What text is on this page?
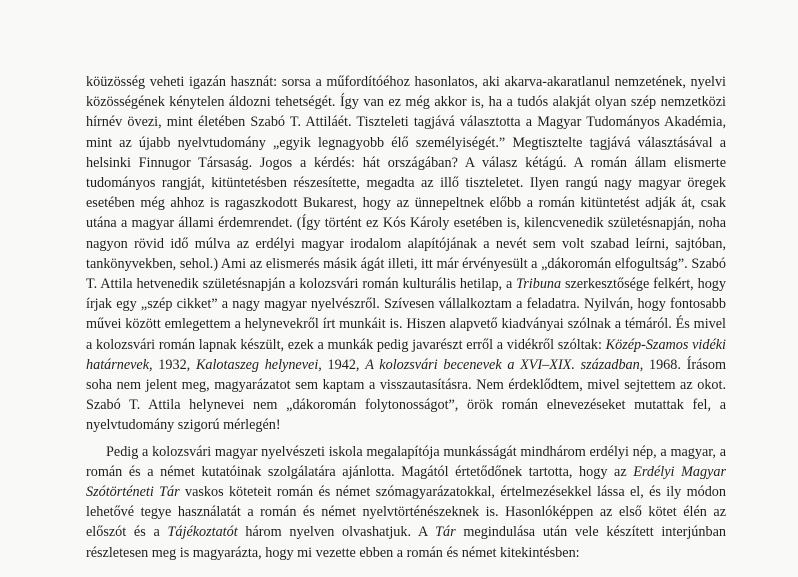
köüzösség veheti igazán hasznát: sorsa a műfordítóéhoz hasonlatos, aki akarva-akaratlanul nemzetének, nyelvi közösségének kénytelen áldozni tehetségét. Így van ez még akkor is, ha a tudós alakját olyan szép nemzetközi hírnév övezi, mint életében Szabó T. Attiláét. Tiszteleti tagjává választotta a Magyar Tudományos Akadémia, mint az újabb nyelvtudomány „egyik legnagyobb élő személyiségét.” Megtisztelte tagjává választásával a helsinki Finnugor Társaság. Jogos a kérdés: hát országában? A válasz kétágú. A román állam elismerte tudományos rangját, kitüntetésben részesítette, megadta az illő tiszteletet. Ilyen rangú nagy magyar öregek esetében még ahhoz is ragaszkodott Bukarest, hogy az ünnepeltnek előbb a román kitüntetést adják át, csak utána a magyar állami érdemrendet. (Így történt ez Kós Károly esetében is, kilencvenedik születésnapján, noha nagyon rövid idő múlva az erdélyi magyar irodalom alapítójának a nevét sem volt szabad leírni, sajtóban, tankönyvekben, sehol.) Ami az elismerés másik ágát illeti, itt már érvényesült a „dákoromán elfogultság”. Szabó T. Attila hetvenedik születésnapján a kolozsvári román kulturális hetilap, a Tribuna szerkesztősége felkért, hogy írjak egy „szép cikket” a nagy magyar nyelvészről. Szívesen vállalkoztam a feladatra. Nyilván, hogy fontosabb művei között emlegettem a helynevekről írt munkáit is. Hiszen alapvető kiadványai szólnak a témáról. És mivel a kolozsvári román lapnak készült, ezek a munkák pedig javarészt erről a vidékről szóltak: Közép-Szamos vidéki határnevek, 1932, Kalotaszeg helynevei, 1942, A kolozsvári becenevek a XVI–XIX. században, 1968. Írásom soha nem jelent meg, magyarázatot sem kaptam a visszautasításra. Nem érdeklődtem, mivel sejtettem az okot. Szabó T. Attila helynevei nem „dákoromán folytonosságot”, örök román elnevezéseket mutattak fel, a nyelvtudomány szigorú mérlegén!

Pedig a kolozsvári magyar nyelvészeti iskola megalapítója munkásságát mindhárom erdélyi nép, a magyar, a román és a német kutatóinak szolgálatára ajánlotta. Magától értetődőnek tartotta, hogy az Erdélyi Magyar Szótörténeti Tár vaskos köteteit román és német szómagyarázatokkal, értelmezésekkel lássa el, és ily módon lehetővé tegye használatát a román és német nyelvtörténészeknek is. Hasonlóképpen az első kötet élén az előszót és a Tájékoztatót három nyelven olvashatjuk. A Tár megindulása után vele készített interjúnban részletesen meg is magyarázta, hogy mi vezette ebben a román és német kitekintésben:
